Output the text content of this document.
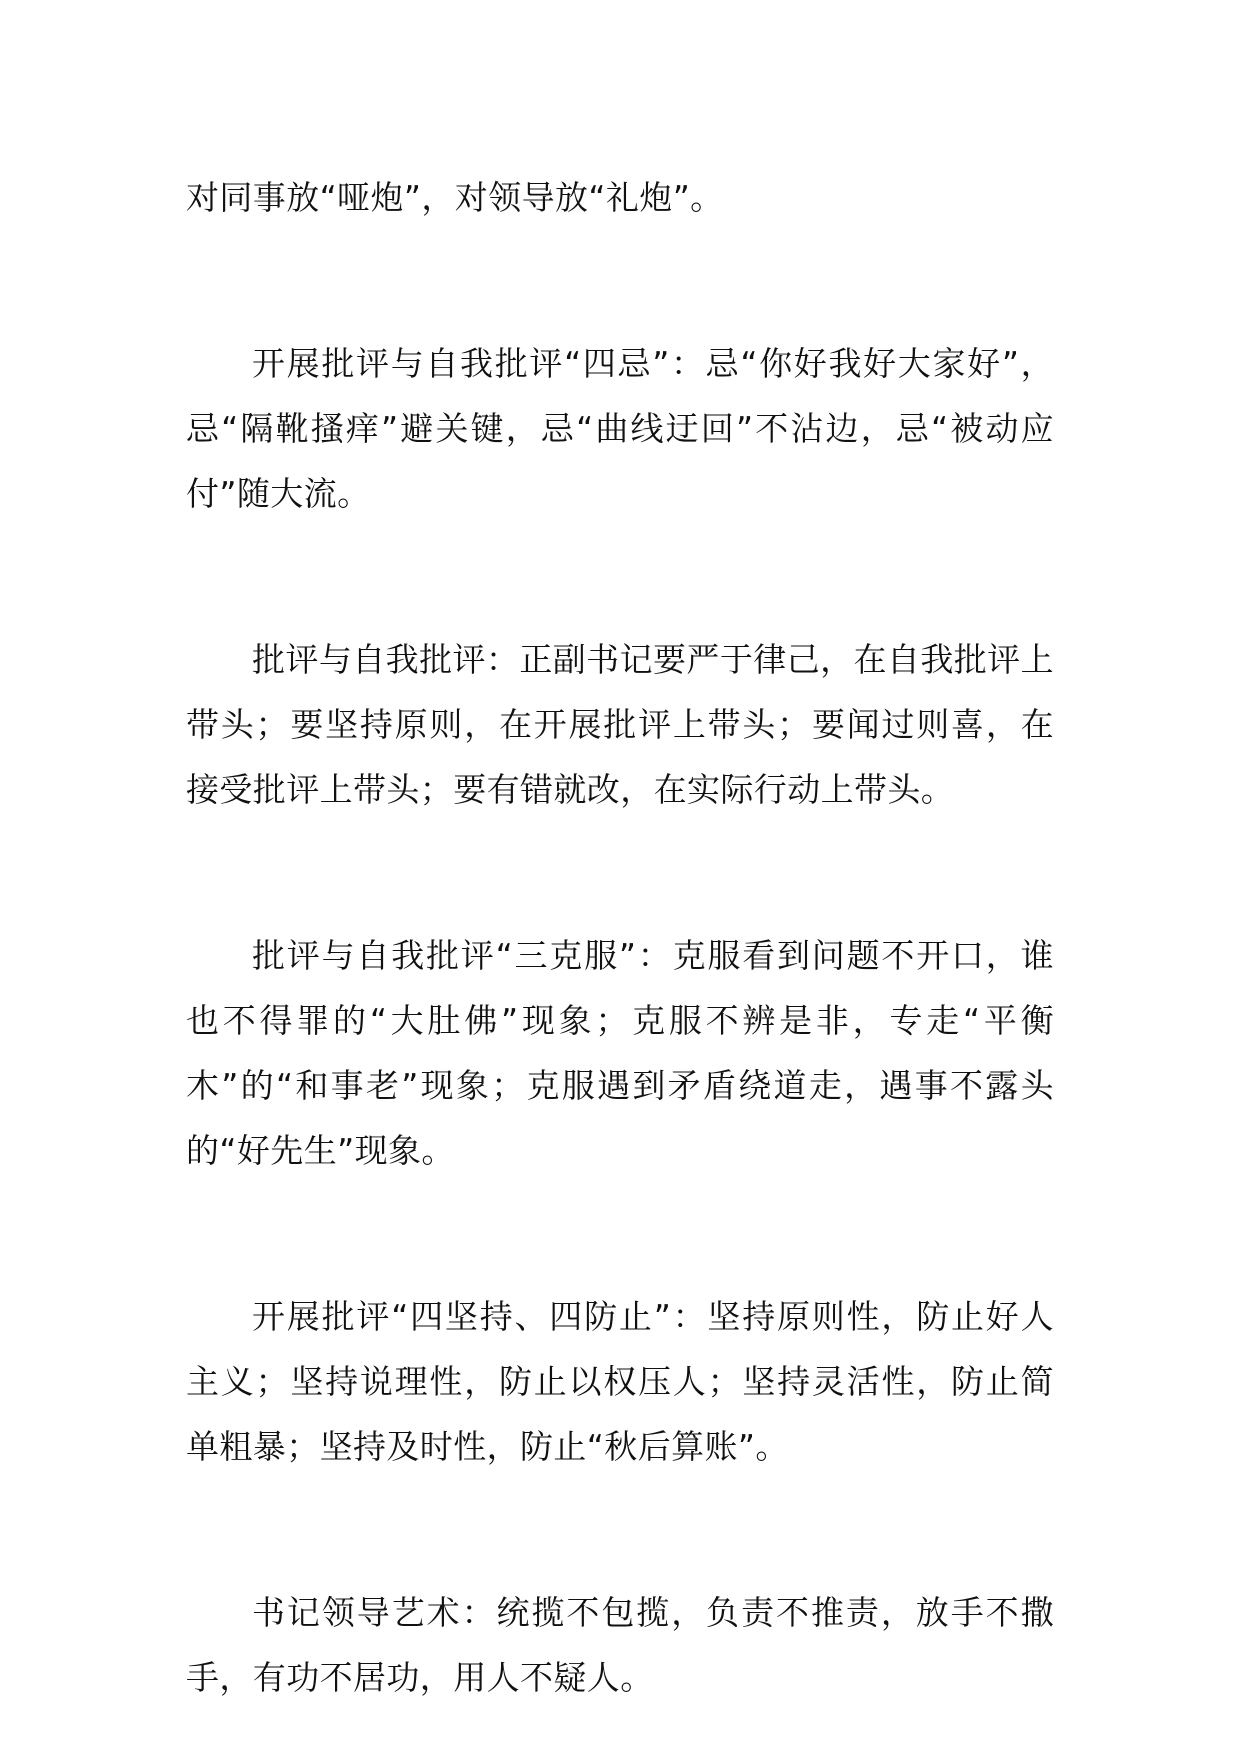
对同事放“哑炮”，对领导放“礼炮”。

开展批评与自我批评“四忌”：忌“你好我好大家好”，忌“隔靴搔痒”避关键，忌“曲线迂回”不沾边，忌“被动应付”随大流。

批评与自我批评：正副书记要严于律己，在自我批评上带头；要坚持原则，在开展批评上带头；要闻过则喜，在接受批评上带头；要有错就改，在实际行动上带头。

批评与自我批评“三克服”：克服看到问题不开口，谁也不得罪的“大肚佛”现象；克服不辨是非，专走“平衡木”的“和事老”现象；克服遇到矛盾绕道走，遇事不露头的“好先生”现象。

开展批评“四坚持、四防止”：坚持原则性，防止好人主义；坚持说理性，防止以权压人；坚持灵活性，防止简单粗暴；坚持及时性，防止“秋后算账”。

书记领导艺术：统揽不包揽，负责不推责，放手不撒手，有功不居功，用人不疑人。
